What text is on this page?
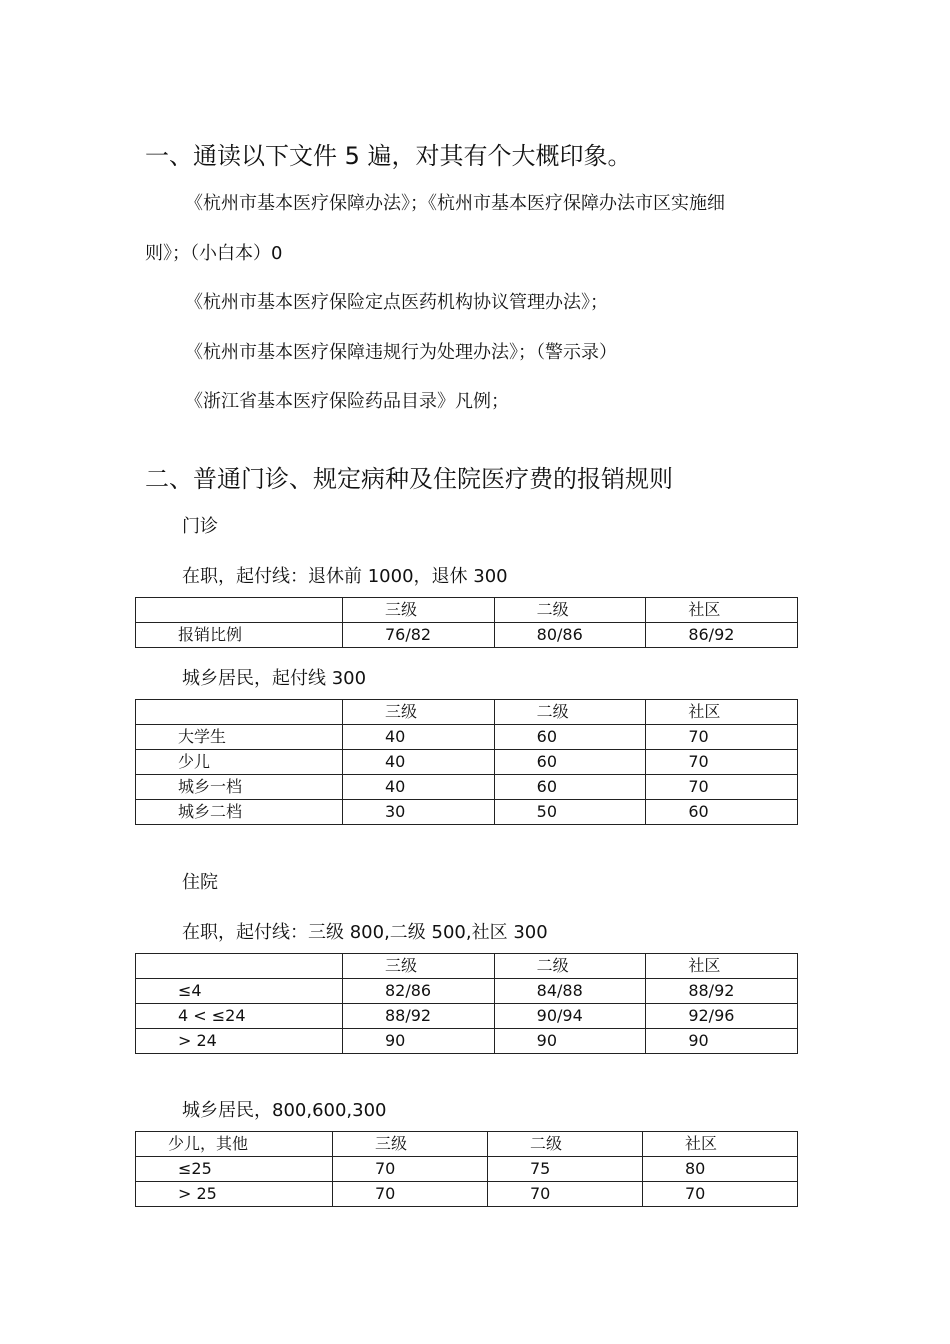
一、通读以下文件 5 遍，对其有个大概印象。
《杭州市基本医疗保障办法》；《杭州市基本医疗保障办法市区实施细
则》；（小白本）0
《杭州市基本医疗保险定点医药机构协议管理办法》；
《杭州市基本医疗保障违规行为处理办法》；（警示录）
《浙江省基本医疗保险药品目录》凡例；
二、普通门诊、规定病种及住院医疗费的报销规则
门诊
在职，起付线：退休前 1000，退休 300
	三级	二级	社区
报销比例	76/82	80/86	86/92
城乡居民，起付线 300
	三级	二级	社区
大学生	40	60	70
少儿	40	60	70
城乡一档	40	60	70
城乡二档	30	50	60
住院
在职，起付线：三级 800,二级 500,社区 300
	三级	二级	社区
≤4	82/86	84/88	88/92
4 < ≤24	88/92	90/94	92/96
> 24	90	90	90
城乡居民，800,600,300
少儿，其他	三级	二级	社区
≤25	70	75	80
> 25	70	70	70
